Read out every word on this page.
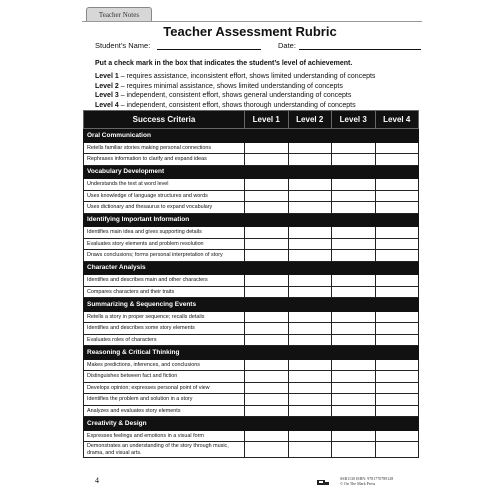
Teacher Notes
Teacher Assessment Rubric
Student’s Name:	Date:
Put a check mark in the box that indicates the student’s level of achievement.
Level 1 – requires assistance, inconsistent effort, shows limited understanding of concepts
Level 2 – requires minimal assistance, shows limited understanding of concepts
Level 3 – independent, consistent effort, shows general understanding of concepts
Level 4 – independent, consistent effort, shows thorough understanding of concepts
Success Criteria	Level 1	Level 2	Level 3	Level 4
Oral Communication				
Retells familiar stories making personal connections				
Rephrases information to clarify and expand ideas				
Vocabulary Development				
Understands the text at word level				
Uses knowledge of language structures and words				
Uses dictionary and thesaurus to expand vocabulary				
Identifying Important Information				
Identifies main idea and gives supporting details				
Evaluates story elements and problem resolution				
Draws conclusions; forms personal interpretation of story				
Character Analysis				
Identifies and describes main and other characters				
Compares characters and their traits				
Summarizing & Sequencing Events				
Retells a story in proper sequence; recalls details				
Identifies and describes some story elements				
Evaluates roles of characters				
Reasoning & Critical Thinking				
Makes predictions, inferences, and conclusions				
Distinguishes between fact and fiction				
Develops opinion; expresses personal point of view				
Identifies the problem and solution in a story				
Analyzes and evaluates story elements				
Creativity & Design				
Expresses feelings and emotions in a visual form				
Demonstrates an understanding of the story through music, drama, and visual arts.				
4	SSR1130 ISBN: 9781770789128
© On The Mark Press
